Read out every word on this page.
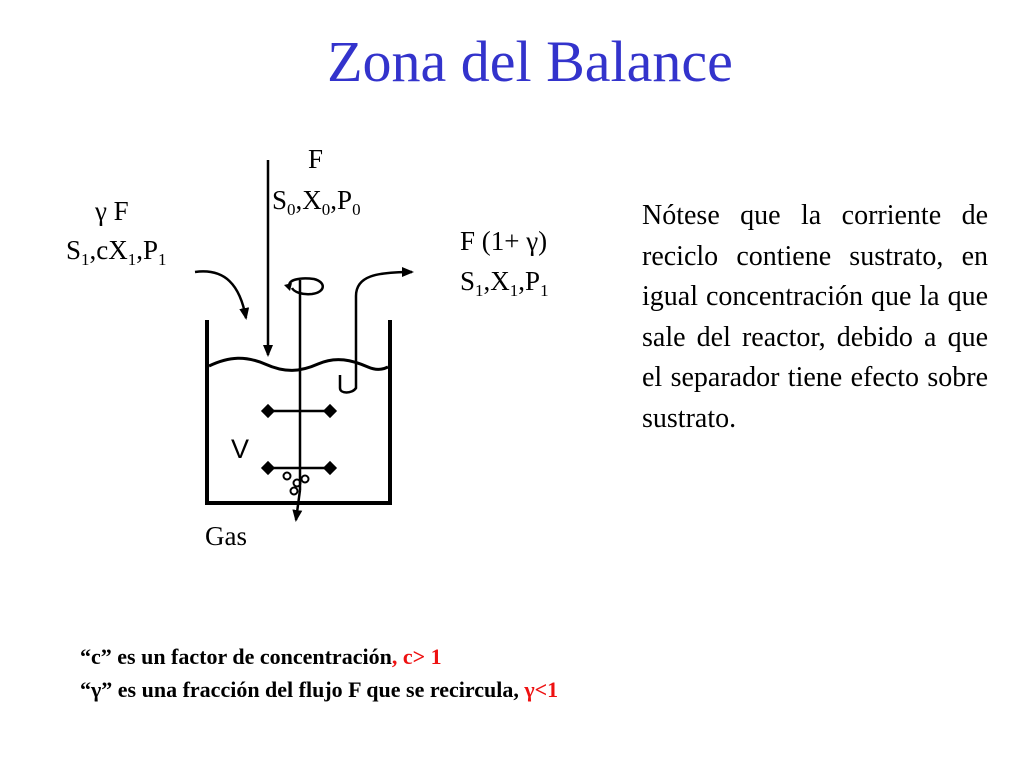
Zona del Balance
F
$S_0,X_0,P_0$
γ F
$S_1,cX_1,P_1$
F (1+ γ)
$S_1,X_1,P_1$
V
Gas
Nótese que la corriente de reciclo contiene sustrato, en igual concentración que la que sale del reactor, debido a que el separador tiene efecto sobre sustrato.
“c” es un factor de concentración, c> 1
“γ” es una fracción del flujo F que se recircula, γ<1
